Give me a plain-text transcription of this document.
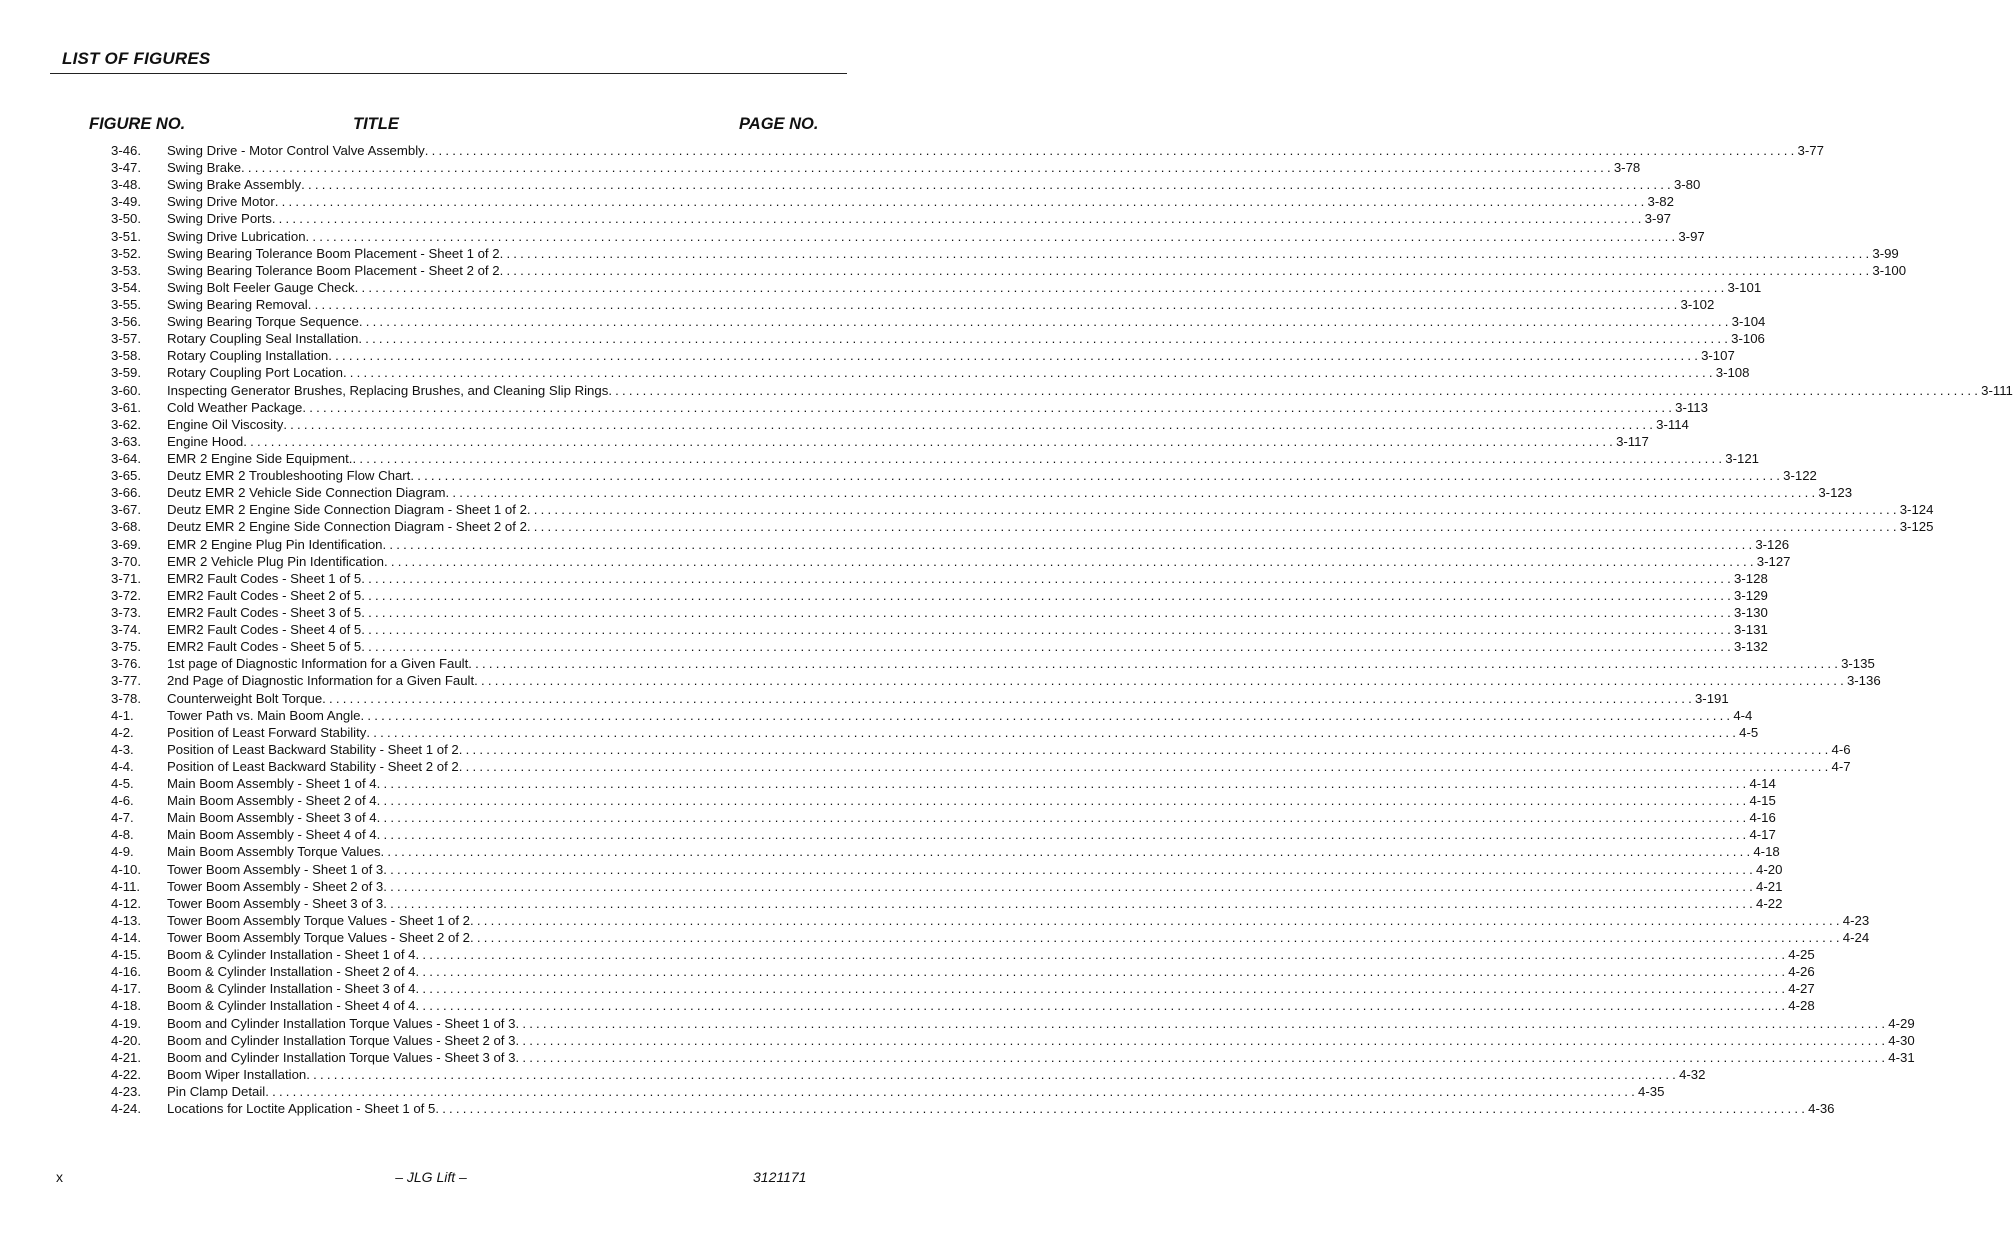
LIST OF FIGURES
FIGURE NO.	TITLE	PAGE NO.
3-46. Swing Drive - Motor Control Valve Assembly ........................................................................................................................................................................................................ 3-77
3-47. Swing Brake ........................................................................................................................................................................................................ 3-78
3-48. Swing Brake Assembly ........................................................................................................................................................................................................ 3-80
3-49. Swing Drive Motor ........................................................................................................................................................................................................ 3-82
3-50. Swing Drive Ports ........................................................................................................................................................................................................ 3-97
3-51. Swing Drive Lubrication ........................................................................................................................................................................................................ 3-97
3-52. Swing Bearing Tolerance Boom Placement - Sheet 1 of 2 ........................................................................................................................................................................................................ 3-99
3-53. Swing Bearing Tolerance Boom Placement - Sheet 2 of 2 ........................................................................................................................................................................................................ 3-100
3-54. Swing Bolt Feeler Gauge Check ........................................................................................................................................................................................................ 3-101
3-55. Swing Bearing Removal ........................................................................................................................................................................................................ 3-102
3-56. Swing Bearing Torque Sequence ........................................................................................................................................................................................................ 3-104
3-57. Rotary Coupling Seal Installation ........................................................................................................................................................................................................ 3-106
3-58. Rotary Coupling Installation ........................................................................................................................................................................................................ 3-107
3-59. Rotary Coupling Port Location ........................................................................................................................................................................................................ 3-108
3-60. Inspecting Generator Brushes, Replacing Brushes, and Cleaning Slip Rings ........................................................................................................................................................................................................ 3-111
3-61. Cold Weather Package ........................................................................................................................................................................................................ 3-113
3-62. Engine Oil Viscosity ........................................................................................................................................................................................................ 3-114
3-63. Engine Hood ........................................................................................................................................................................................................ 3-117
3-64. EMR 2 Engine Side Equipment. ........................................................................................................................................................................................................ 3-121
3-65. Deutz EMR 2 Troubleshooting Flow Chart ........................................................................................................................................................................................................ 3-122
3-66. Deutz EMR 2 Vehicle Side Connection Diagram ........................................................................................................................................................................................................ 3-123
3-67. Deutz EMR 2 Engine Side Connection Diagram - Sheet 1 of 2 ........................................................................................................................................................................................................ 3-124
3-68. Deutz EMR 2 Engine Side Connection Diagram - Sheet 2 of 2 ........................................................................................................................................................................................................ 3-125
3-69. EMR 2 Engine Plug Pin Identification ........................................................................................................................................................................................................ 3-126
3-70. EMR 2 Vehicle Plug Pin Identification ........................................................................................................................................................................................................ 3-127
3-71. EMR2 Fault Codes - Sheet 1 of 5 ........................................................................................................................................................................................................ 3-128
3-72. EMR2 Fault Codes - Sheet 2 of 5 ........................................................................................................................................................................................................ 3-129
3-73. EMR2 Fault Codes - Sheet 3 of 5 ........................................................................................................................................................................................................ 3-130
3-74. EMR2 Fault Codes - Sheet 4 of 5 ........................................................................................................................................................................................................ 3-131
3-75. EMR2 Fault Codes - Sheet 5 of 5 ........................................................................................................................................................................................................ 3-132
3-76. 1st page of Diagnostic Information for a Given Fault ........................................................................................................................................................................................................ 3-135
3-77. 2nd Page of Diagnostic Information for a Given Fault ........................................................................................................................................................................................................ 3-136
3-78. Counterweight Bolt Torque ........................................................................................................................................................................................................ 3-191
4-1.	Tower Path vs. Main Boom Angle ........................................................................................................................................................................................................ 4-4
4-2.	Position of Least Forward Stability ........................................................................................................................................................................................................ 4-5
4-3.	Position of Least Backward Stability - Sheet 1 of 2 ........................................................................................................................................................................................................ 4-6
4-4.	Position of Least Backward Stability - Sheet 2 of 2 ........................................................................................................................................................................................................ 4-7
4-5.	Main Boom Assembly - Sheet 1 of 4 ........................................................................................................................................................................................................ 4-14
4-6.	Main Boom Assembly - Sheet 2 of 4 ........................................................................................................................................................................................................ 4-15
4-7.	Main Boom Assembly - Sheet 3 of 4 ........................................................................................................................................................................................................ 4-16
4-8.	Main Boom Assembly - Sheet 4 of 4 ........................................................................................................................................................................................................ 4-17
4-9.	Main Boom Assembly Torque Values ........................................................................................................................................................................................................ 4-18
4-10. Tower Boom Assembly - Sheet 1 of 3 ........................................................................................................................................................................................................ 4-20
4-11. Tower Boom Assembly - Sheet 2 of 3 ........................................................................................................................................................................................................ 4-21
4-12. Tower Boom Assembly - Sheet 3 of 3 ........................................................................................................................................................................................................ 4-22
4-13. Tower Boom Assembly Torque Values - Sheet 1 of 2 ........................................................................................................................................................................................................ 4-23
4-14. Tower Boom Assembly Torque Values - Sheet 2 of 2 ........................................................................................................................................................................................................ 4-24
4-15. Boom & Cylinder Installation - Sheet 1 of 4 ........................................................................................................................................................................................................ 4-25
4-16. Boom & Cylinder Installation - Sheet 2 of 4 ........................................................................................................................................................................................................ 4-26
4-17. Boom & Cylinder Installation - Sheet 3 of 4 ........................................................................................................................................................................................................ 4-27
4-18. Boom & Cylinder Installation - Sheet 4 of 4 ........................................................................................................................................................................................................ 4-28
4-19. Boom and Cylinder Installation Torque Values - Sheet 1 of 3 ........................................................................................................................................................................................................ 4-29
4-20. Boom and Cylinder Installation Torque Values - Sheet 2 of 3 ........................................................................................................................................................................................................ 4-30
4-21. Boom and Cylinder Installation Torque Values - Sheet 3 of 3 ........................................................................................................................................................................................................ 4-31
4-22. Boom Wiper Installation ........................................................................................................................................................................................................ 4-32
4-23. Pin Clamp Detail ........................................................................................................................................................................................................ 4-35
4-24. Locations for Loctite Application - Sheet 1 of 5 ........................................................................................................................................................................................................ 4-36
x	– JLG Lift –	3121171
